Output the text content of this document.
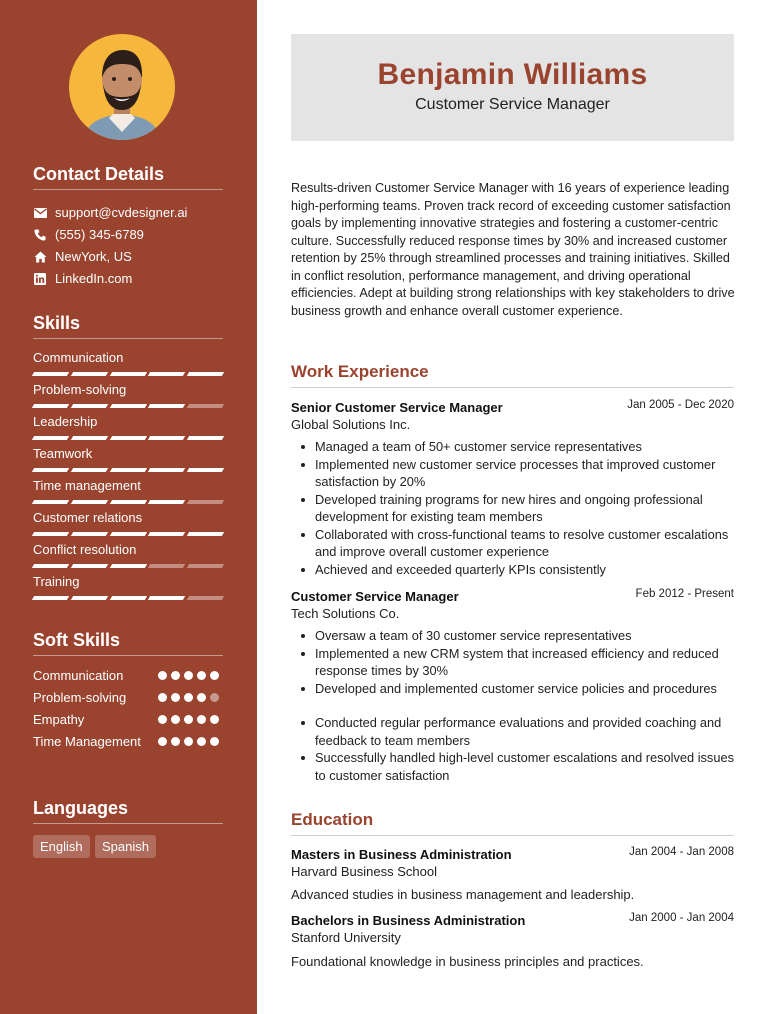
Contact Details
support@cvdesigner.ai
(555) 345-6789
NewYork, US
LinkedIn.com
Skills
Communication
Problem-solving
Leadership
Teamwork
Time management
Customer relations
Conflict resolution
Training
Soft Skills
Communication
Problem-solving
Empathy
Time Management
Languages
English	Spanish
Benjamin Williams
Customer Service Manager
Results-driven Customer Service Manager with 16 years of experience leading high-performing teams. Proven track record of exceeding customer satisfaction goals by implementing innovative strategies and fostering a customer-centric culture. Successfully reduced response times by 30% and increased customer retention by 25% through streamlined processes and training initiatives. Skilled in conflict resolution, performance management, and driving operational efficiencies. Adept at building strong relationships with key stakeholders to drive business growth and enhance overall customer experience.
Work Experience
Senior Customer Service Manager	Jan 2005 - Dec 2020
Global Solutions Inc.
Managed a team of 50+ customer service representatives
Implemented new customer service processes that improved customer satisfaction by 20%
Developed training programs for new hires and ongoing professional development for existing team members
Collaborated with cross-functional teams to resolve customer escalations and improve overall customer experience
Achieved and exceeded quarterly KPIs consistently
Customer Service Manager	Feb 2012 - Present
Tech Solutions Co.
Oversaw a team of 30 customer service representatives
Implemented a new CRM system that increased efficiency and reduced response times by 30%
Developed and implemented customer service policies and procedures
Conducted regular performance evaluations and provided coaching and feedback to team members
Successfully handled high-level customer escalations and resolved issues to customer satisfaction
Education
Masters in Business Administration	Jan 2004 - Jan 2008
Harvard Business School
Advanced studies in business management and leadership.
Bachelors in Business Administration	Jan 2000 - Jan 2004
Stanford University
Foundational knowledge in business principles and practices.
